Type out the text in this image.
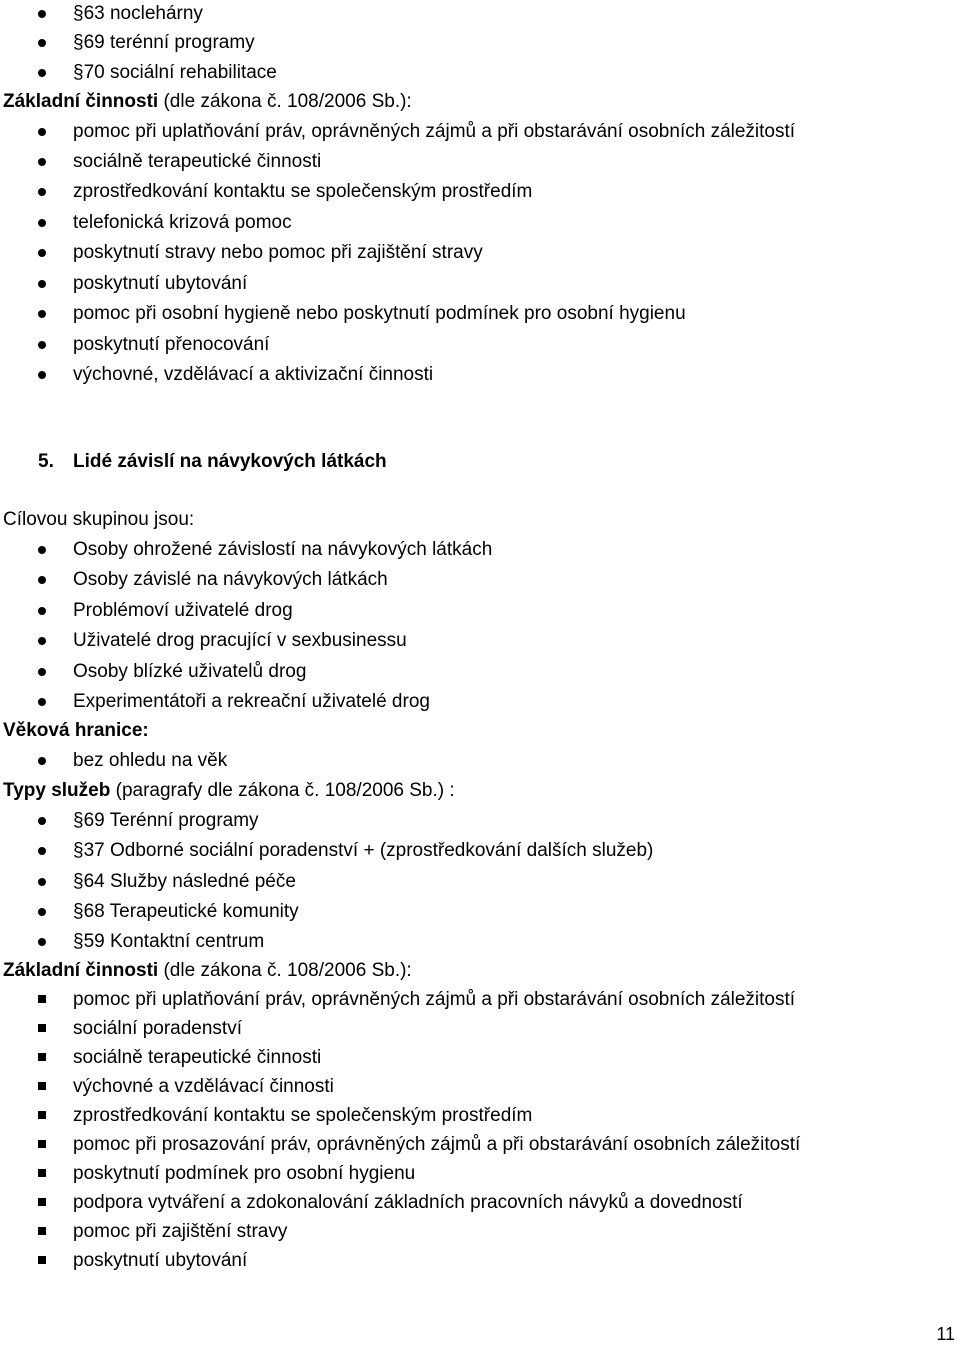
§63 noclehárny
§69 terénní programy
§70 sociální rehabilitace
Základní činnosti (dle zákona č. 108/2006 Sb.):
pomoc při uplatňování práv, oprávněných zájmů a při obstarávání osobních záležitostí
sociálně terapeutické činnosti
zprostředkování kontaktu se společenským prostředím
telefonická krizová pomoc
poskytnutí stravy nebo pomoc při zajištění stravy
poskytnutí ubytování
pomoc při osobní hygieně nebo poskytnutí podmínek pro osobní hygienu
poskytnutí přenocování
výchovné, vzdělávací a aktivizační činnosti
5. Lidé závislí na návykových látkách
Cílovou skupinou jsou:
Osoby ohrožené závislostí na návykových látkách
Osoby závislé na návykových látkách
Problémoví uživatelé drog
Uživatelé drog pracující v sexbusinessu
Osoby blízké uživatelů drog
Experimentátoři a rekreační uživatelé drog
Věková hranice:
bez ohledu na věk
Typy služeb (paragrafy dle zákona č. 108/2006 Sb.) :
§69 Terénní programy
§37 Odborné sociální poradenství + (zprostředkování dalších služeb)
§64 Služby následné péče
§68 Terapeutické komunity
§59 Kontaktní centrum
Základní činnosti (dle zákona č. 108/2006 Sb.):
pomoc při uplatňování práv, oprávněných zájmů a při obstarávání osobních záležitostí
sociální poradenství
sociálně terapeutické činnosti
výchovné a vzdělávací činnosti
zprostředkování kontaktu se společenským prostředím
pomoc při prosazování práv, oprávněných zájmů a při obstarávání osobních záležitostí
poskytnutí podmínek pro osobní hygienu
podpora vytváření a zdokonalování základních pracovních návyků a dovedností
pomoc při zajištění stravy
poskytnutí ubytování
11
